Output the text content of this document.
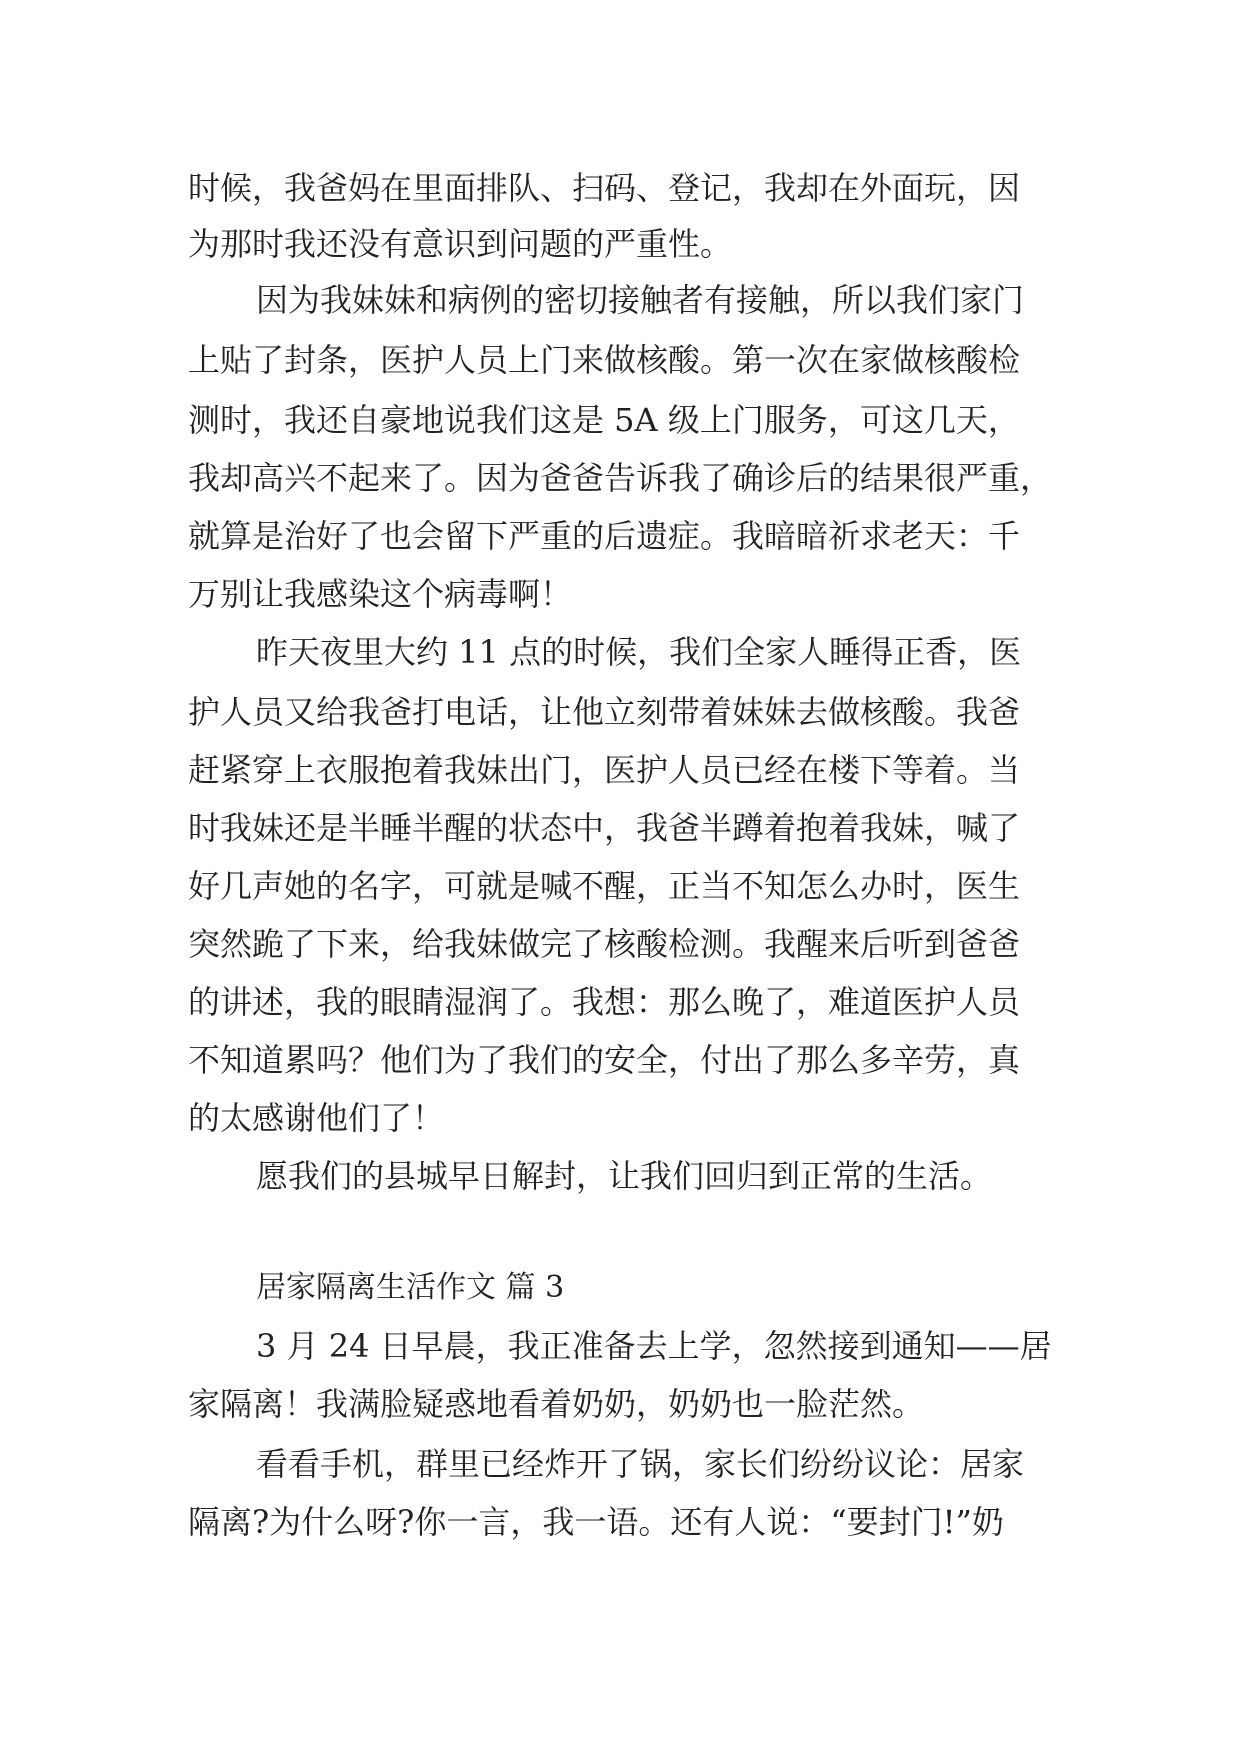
时候，我爸妈在里面排队、扫码、登记，我却在外面玩，因

为那时我还没有意识到问题的严重性。

因为我妹妹和病例的密切接触者有接触，所以我们家门

上贴了封条，医护人员上门来做核酸。第一次在家做核酸检

测时，我还自豪地说我们这是 5A 级上门服务，可这几天，

我却高兴不起来了。因为爸爸告诉我了确诊后的结果很严重，

就算是治好了也会留下严重的后遗症。我暗暗祈求老天：千

万别让我感染这个病毒啊！

昨天夜里大约 11 点的时候，我们全家人睡得正香，医

护人员又给我爸打电话，让他立刻带着妹妹去做核酸。我爸

赶紧穿上衣服抱着我妹出门，医护人员已经在楼下等着。当

时我妹还是半睡半醒的状态中，我爸半蹲着抱着我妹，喊了

好几声她的名字，可就是喊不醒，正当不知怎么办时，医生

突然跪了下来，给我妹做完了核酸检测。我醒来后听到爸爸

的讲述，我的眼睛湿润了。我想：那么晚了，难道医护人员

不知道累吗？他们为了我们的安全，付出了那么多辛劳，真

的太感谢他们了！

愿我们的县城早日解封，让我们回归到正常的生活。

居家隔离生活作文 篇 3

3 月 24 日早晨，我正准备去上学，忽然接到通知——居

家隔离！我满脸疑惑地看着奶奶，奶奶也一脸茫然。

看看手机，群里已经炸开了锅，家长们纷纷议论：居家

隔离?为什么呀?你一言，我一语。还有人说：“要封门!”奶
